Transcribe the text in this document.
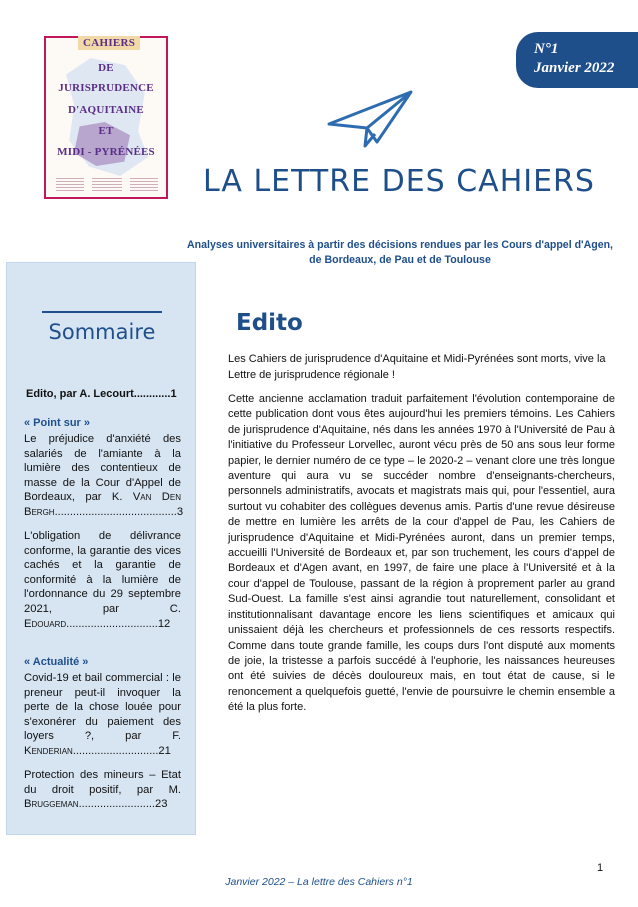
CAHIERS
DE
JURISPRUDENCE
D'AQUITAINE
ET
MIDI - PYRÉNÉES
N°1
Janvier 2022
LA LETTRE DES CAHIERS
Analyses universitaires à partir des décisions rendues par les Cours d'appel d'Agen,
de Bordeaux, de Pau et de Toulouse
Sommaire
Edito, par A. Lecourt............1
« Point sur »
Le préjudice d'anxiété des salariés de l'amiante à la lumière des contentieux de masse de la Cour d'Appel de Bordeaux, par K. Van Den Bergh........................................3
L'obligation de délivrance conforme, la garantie des vices cachés et la garantie de conformité à la lumière de l'ordonnance du 29 septembre 2021, par C. Edouard..............................12
« Actualité »
Covid-19 et bail commercial : le preneur peut-il invoquer la perte de la chose louée pour s'exonérer du paiement des loyers ?, par F. Kenderian............................21
Protection des mineurs – Etat du droit positif, par M. Bruggeman.........................23
Edito
Les Cahiers de jurisprudence d'Aquitaine et Midi-Pyrénées sont morts, vive la Lettre de jurisprudence régionale !
Cette ancienne acclamation traduit parfaitement l'évolution contemporaine de cette publication dont vous êtes aujourd'hui les premiers témoins. Les Cahiers de jurisprudence d'Aquitaine, nés dans les années 1970 à l'Université de Pau à l'initiative du Professeur Lorvellec, auront vécu près de 50 ans sous leur forme papier, le dernier numéro de ce type – le 2020-2 – venant clore une très longue aventure qui aura vu se succéder nombre d'enseignants-chercheurs, personnels administratifs, avocats et magistrats mais qui, pour l'essentiel, aura surtout vu cohabiter des collègues devenus amis. Partis d'une revue désireuse de mettre en lumière les arrêts de la cour d'appel de Pau, les Cahiers de jurisprudence d'Aquitaine et Midi-Pyrénées auront, dans un premier temps, accueilli l'Université de Bordeaux et, par son truchement, les cours d'appel de Bordeaux et d'Agen avant, en 1997, de faire une place à l'Université et à la cour d'appel de Toulouse, passant de la région à proprement parler au grand Sud-Ouest. La famille s'est ainsi agrandie tout naturellement, consolidant et institutionnalisant davantage encore les liens scientifiques et amicaux qui unissaient déjà les chercheurs et professionnels de ces ressorts respectifs. Comme dans toute grande famille, les coups durs l'ont disputé aux moments de joie, la tristesse a parfois succédé à l'euphorie, les naissances heureuses ont été suivies de décès douloureux mais, en tout état de cause, si le renoncement a quelquefois guetté, l'envie de poursuivre le chemin ensemble a été la plus forte.
1
Janvier 2022 – La lettre des Cahiers n°1
